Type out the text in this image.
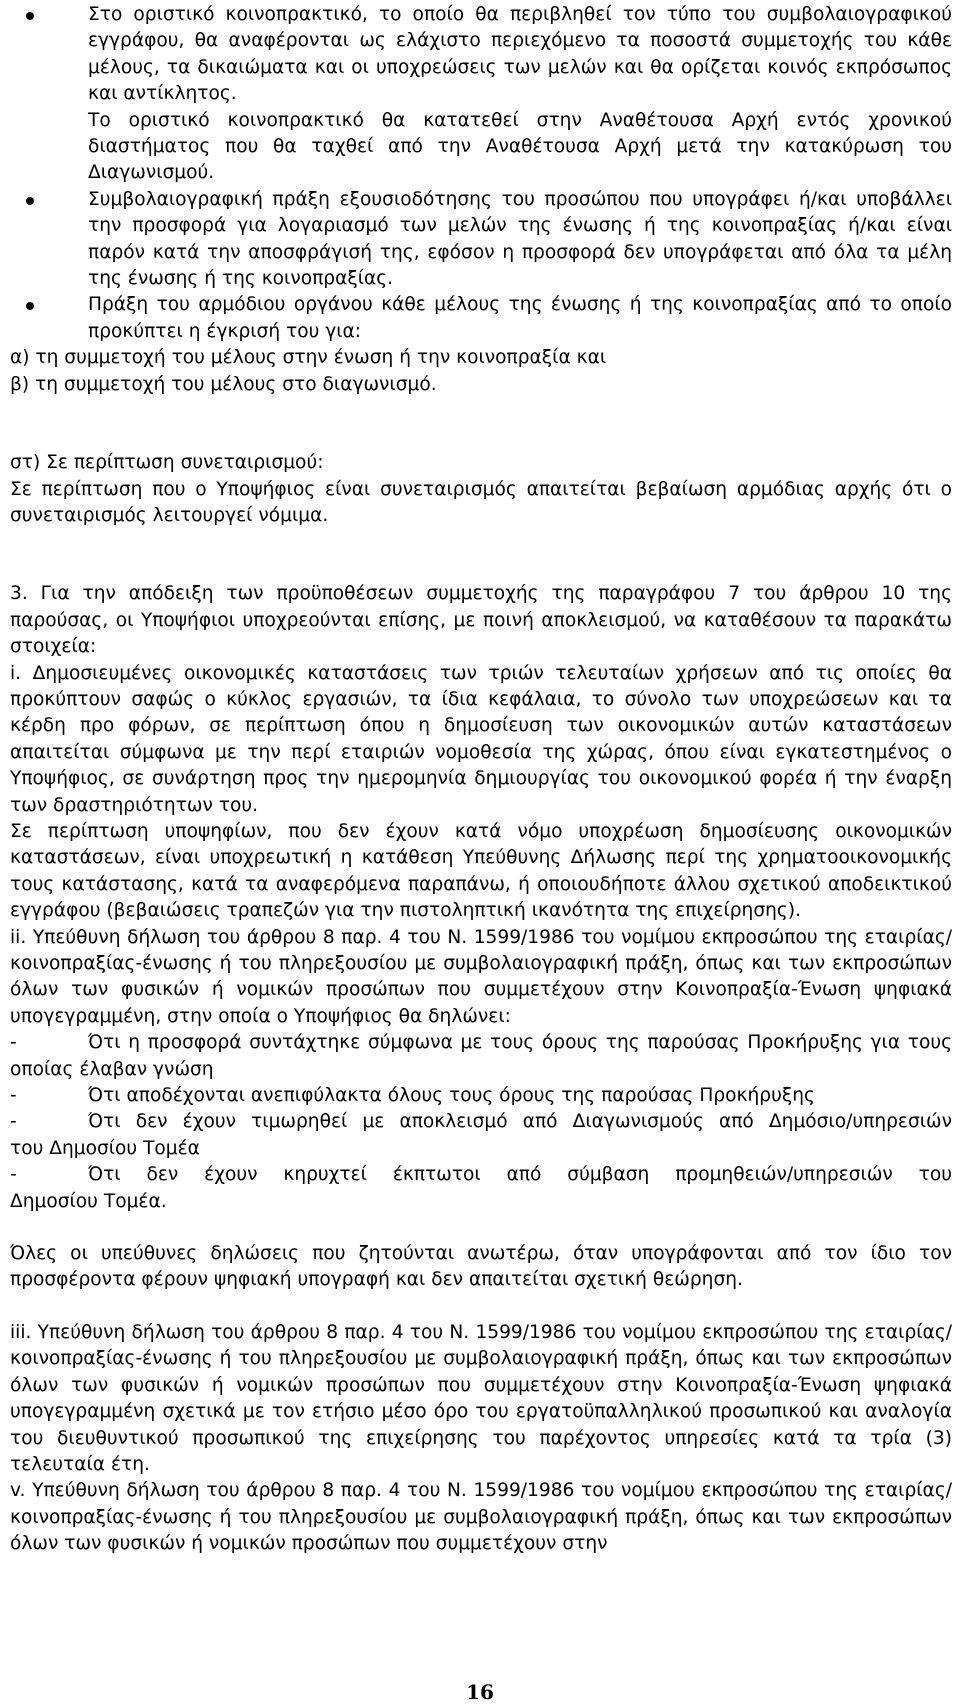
Στο οριστικό κοινοπρακτικό, το οποίο θα περιβληθεί τον τύπο του συμβολαιογραφικού εγγράφου, θα αναφέρονται ως ελάχιστο περιεχόμενο τα ποσοστά συμμετοχής του κάθε μέλους, τα δικαιώματα και οι υποχρεώσεις των μελών και θα ορίζεται κοινός εκπρόσωπος και αντίκλητος.

Το οριστικό κοινοπρακτικό θα κατατεθεί στην Αναθέτουσα Αρχή εντός χρονικού διαστήματος που θα ταχθεί από την Αναθέτουσα Αρχή μετά την κατακύρωση του Διαγωνισμού.

Συμβολαιογραφική πράξη εξουσιοδότησης του προσώπου που υπογράφει ή/και υποβάλλει την προσφορά για λογαριασμό των μελών της ένωσης ή της κοινοπραξίας ή/και είναι παρόν κατά την αποσφράγισή της, εφόσον η προσφορά δεν υπογράφεται από όλα τα μέλη της ένωσης ή της κοινοπραξίας.

Πράξη του αρμόδιου οργάνου κάθε μέλους της ένωσης ή της κοινοπραξίας από το οποίο προκύπτει η έγκρισή του για:

α) τη συμμετοχή του μέλους στην ένωση ή την κοινοπραξία και

β) τη συμμετοχή του μέλους στο διαγωνισμό.

στ) Σε περίπτωση συνεταιρισμού:

Σε περίπτωση που ο Υποψήφιος είναι συνεταιρισμός απαιτείται βεβαίωση αρμόδιας αρχής ότι ο συνεταιρισμός λειτουργεί νόμιμα.

3. Για την απόδειξη των προϋποθέσεων συμμετοχής της παραγράφου 7 του άρθρου 10 της παρούσας, οι Υποψήφιοι υποχρεούνται επίσης, με ποινή αποκλεισμού, να καταθέσουν τα παρακάτω στοιχεία:

i. Δημοσιευμένες οικονομικές καταστάσεις των τριών τελευταίων χρήσεων από τις οποίες θα προκύπτουν σαφώς ο κύκλος εργασιών, τα ίδια κεφάλαια, το σύνολο των υποχρεώσεων και τα κέρδη προ φόρων, σε περίπτωση όπου η δημοσίευση των οικονομικών αυτών καταστάσεων απαιτείται σύμφωνα με την περί εταιριών νομοθεσία της χώρας, όπου είναι εγκατεστημένος ο Υποψήφιος, σε συνάρτηση προς την ημερομηνία δημιουργίας του οικονομικού φορέα ή την έναρξη των δραστηριότητων του.

Σε περίπτωση υποψηφίων, που δεν έχουν κατά νόμο υποχρέωση δημοσίευσης οικονομικών καταστάσεων, είναι υποχρεωτική η κατάθεση Υπεύθυνης Δήλωσης περί της χρηματοοικονομικής τους κατάστασης, κατά τα αναφερόμενα παραπάνω, ή οποιουδήποτε άλλου σχετικού αποδεικτικού εγγράφου (βεβαιώσεις τραπεζών για την πιστοληπτική ικανότητα της επιχείρησης).

ii. Υπεύθυνη δήλωση του άρθρου 8 παρ. 4 του Ν. 1599/1986 του νομίμου εκπροσώπου της εταιρίας/κοινοπραξίας-ένωσης ή του πληρεξουσίου με συμβολαιογραφική πράξη, όπως και των εκπροσώπων όλων των φυσικών ή νομικών προσώπων που συμμετέχουν στην Κοινοπραξία-Ένωση ψηφιακά υπογεγραμμένη, στην οποία ο Υποψήφιος θα δηλώνει:

-	Ότι η προσφορά συντάχτηκε σύμφωνα με τους όρους της παρούσας Προκήρυξης για τους

οποίας έλαβαν γνώση

-	Ότι αποδέχονται ανεπιφύλακτα όλους τους όρους της παρούσας Προκήρυξης

-	Ότι δεν έχουν τιμωρηθεί με αποκλεισμό από Διαγωνισμούς από Δημόσιο/υπηρεσιών

του Δημοσίου Τομέα

-	Ότι δεν έχουν κηρυχτεί έκπτωτοι από σύμβαση προμηθειών/υπηρεσιών του

Δημοσίου Τομέα.

Όλες οι υπεύθυνες δηλώσεις που ζητούνται ανωτέρω, όταν υπογράφονται από τον ίδιο τον προσφέροντα φέρουν ψηφιακή υπογραφή και δεν απαιτείται σχετική θεώρηση.

iii. Υπεύθυνη δήλωση του άρθρου 8 παρ. 4 του Ν. 1599/1986 του νομίμου εκπροσώπου της εταιρίας/κοινοπραξίας-ένωσης ή του πληρεξουσίου με συμβολαιογραφική πράξη, όπως και των εκπροσώπων όλων των φυσικών ή νομικών προσώπων που συμμετέχουν στην Κοινοπραξία-Ένωση ψηφιακά υπογεγραμμένη σχετικά με τον ετήσιο μέσο όρο του εργατοϋπαλληλικού προσωπικού και αναλογία του διευθυντικού προσωπικού της επιχείρησης του παρέχοντος υπηρεσίες κατά τα τρία (3) τελευταία έτη.

v. Υπεύθυνη δήλωση του άρθρου 8 παρ. 4 του Ν. 1599/1986 του νομίμου εκπροσώπου της εταιρίας/κοινοπραξίας-ένωσης ή του πληρεξουσίου με συμβολαιογραφική πράξη, όπως και των εκπροσώπων όλων των φυσικών ή νομικών προσώπων που συμμετέχουν στην

16
